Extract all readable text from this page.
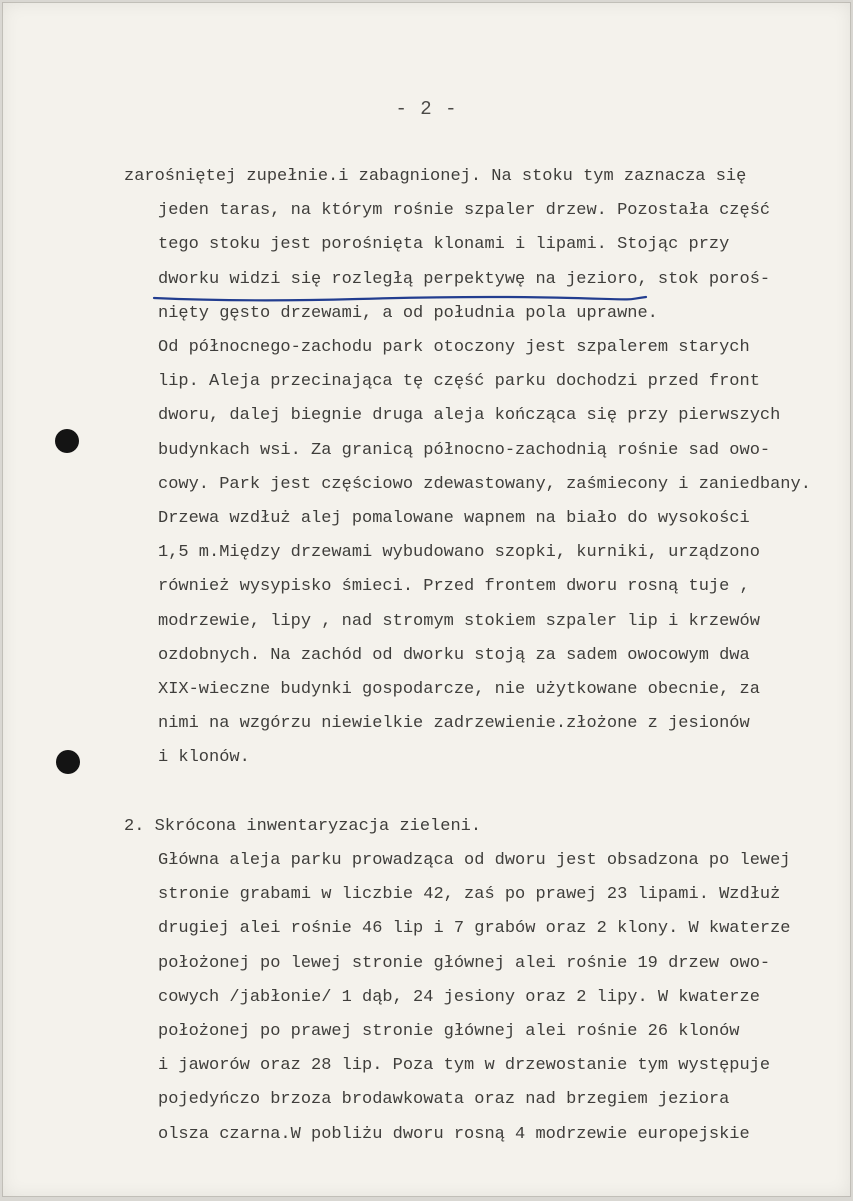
- 2 -
zarośniętej zupełnie.i zabagnionej. Na stoku tym zaznacza się
jeden taras, na którym rośnie szpaler drzew. Pozostała część
tego stoku jest porośnięta klonami i lipami. Stojąc przy
dworku widzi się rozległą perpektywę na jezioro, stok poroś-
nięty gęsto drzewami, a od południa pola uprawne.
Od północnego-zachodu park otoczony jest szpalerem starych
lip. Aleja przecinająca tę część parku dochodzi przed front
dworu, dalej biegnie druga aleja kończąca się przy pierwszych
budynkach wsi. Za granicą północno-zachodnią rośnie sad owo-
cowy. Park jest częściowo zdewastowany, zaśmiecony i zaniedbany.
Drzewa wzdłuż alej pomalowane wapnem na biało do wysokości
1,5 m.Między drzewami wybudowano szopki, kurniki, urządzono
również wysypisko śmieci. Przed frontem dworu rosną tuje ,
modrzewie, lipy , nad stromym stokiem szpaler lip i krzewów
ozdobnych. Na zachód od dworku stoją za sadem owocowym dwa
XIX-wieczne budynki gospodarcze, nie użytkowane obecnie, za
nimi na wzgórzu niewielkie zadrzewienie.złożone z jesionów
i klonów.
2. Skrócona inwentaryzacja zieleni.
Główna aleja parku prowadząca od dworu jest obsadzona po lewej
stronie grabami w liczbie 42, zaś po prawej 23 lipami. Wzdłuż
drugiej alei rośnie 46 lip i 7 grabów oraz 2 klony. W kwaterze
położonej po lewej stronie głównej alei rośnie 19 drzew owo-
cowych /jabłonie/ 1 dąb, 24 jesiony oraz 2 lipy. W kwaterze
położonej po prawej stronie głównej alei rośnie 26 klonów
i jaworów oraz 28 lip. Poza tym w drzewostanie tym występuje
pojedyńczo brzoza brodawkowata oraz nad brzegiem jeziora
olsza czarna.W pobliżu dworu rosną 4 modrzewie europejskie
